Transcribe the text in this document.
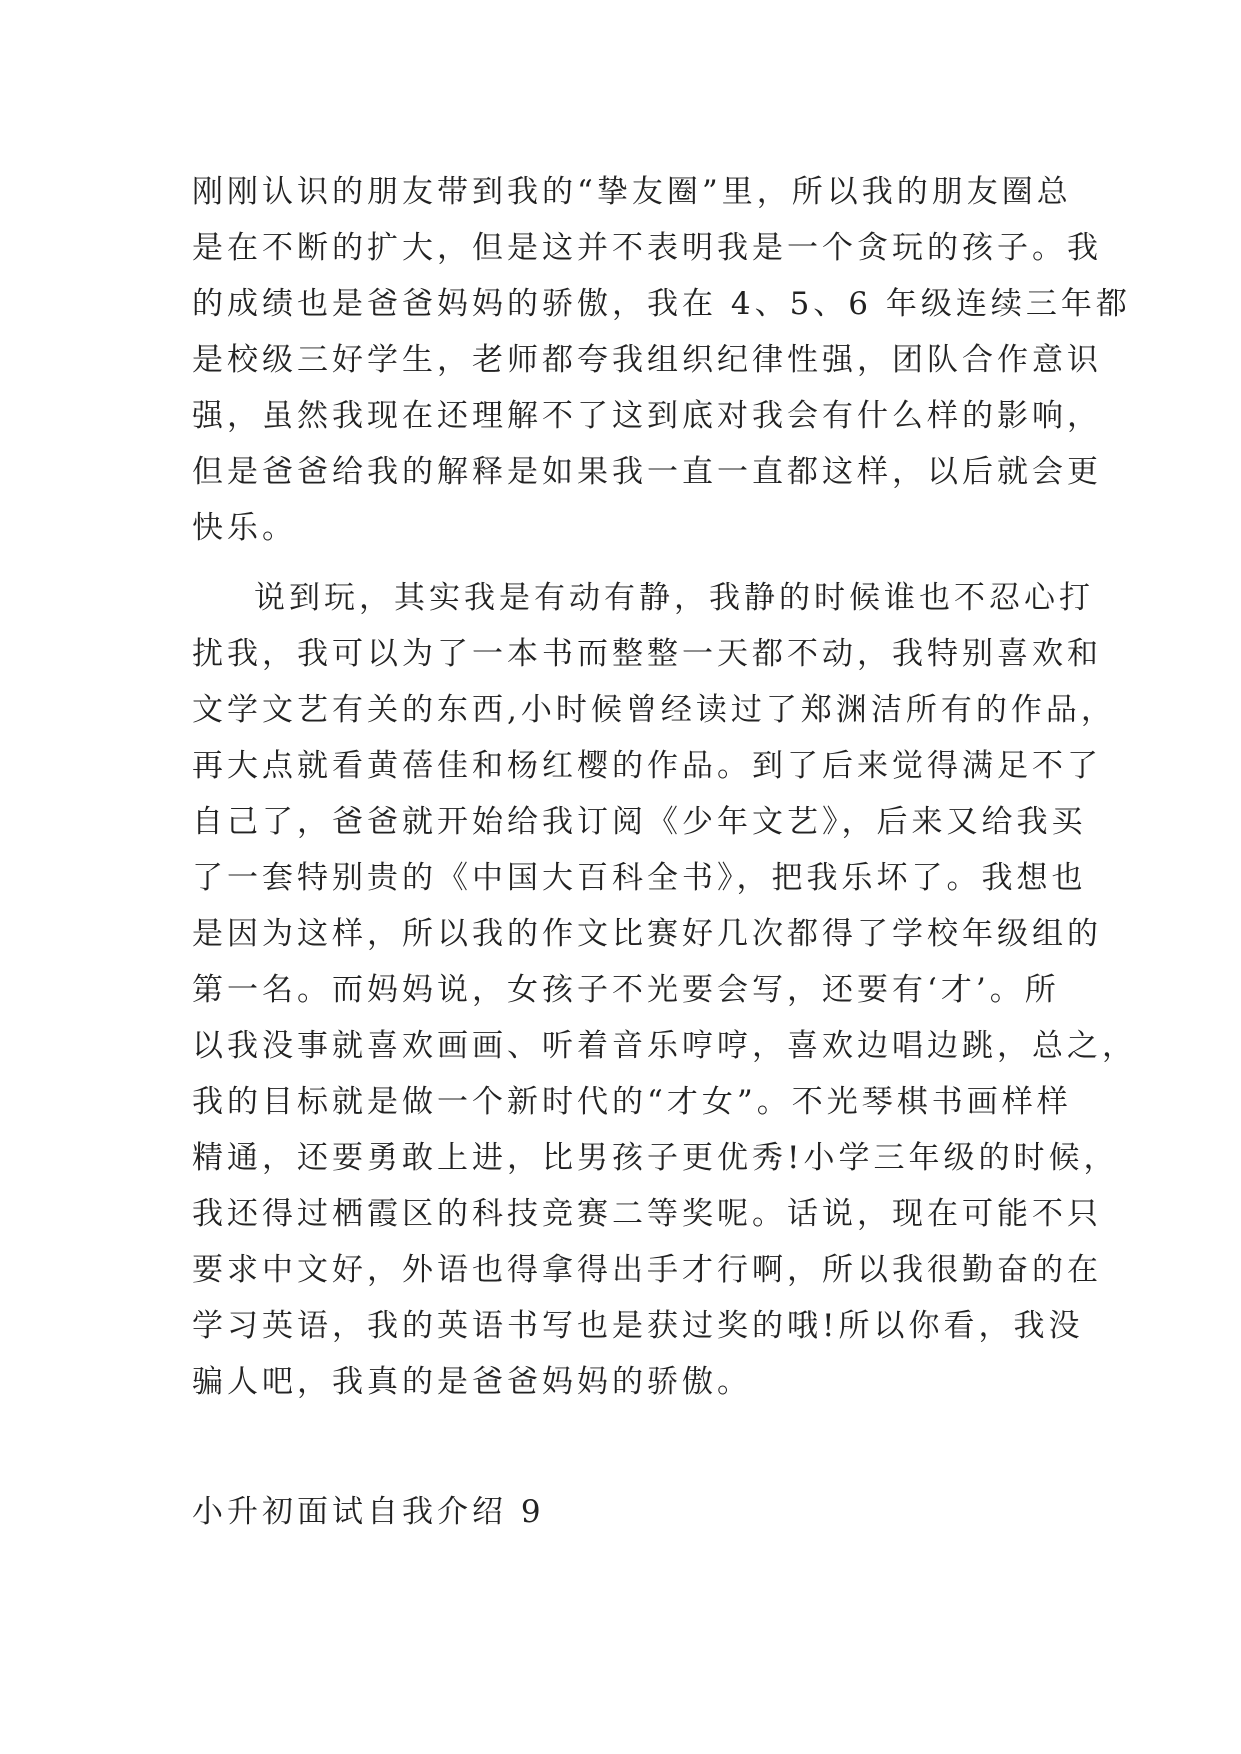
刚刚认识的朋友带到我的“挚友圈”里，所以我的朋友圈总
是在不断的扩大，但是这并不表明我是一个贪玩的孩子。我
的成绩也是爸爸妈妈的骄傲，我在 4、5、6 年级连续三年都
是校级三好学生，老师都夸我组织纪律性强，团队合作意识
强，虽然我现在还理解不了这到底对我会有什么样的影响，
但是爸爸给我的解释是如果我一直一直都这样，以后就会更
快乐。
说到玩，其实我是有动有静，我静的时候谁也不忍心打
扰我，我可以为了一本书而整整一天都不动，我特别喜欢和
文学文艺有关的东西,小时候曾经读过了郑渊洁所有的作品，
再大点就看黄蓓佳和杨红樱的作品。到了后来觉得满足不了
自己了，爸爸就开始给我订阅《少年文艺》，后来又给我买
了一套特别贵的《中国大百科全书》，把我乐坏了。我想也
是因为这样，所以我的作文比赛好几次都得了学校年级组的
第一名。而妈妈说，女孩子不光要会写，还要有‘才’。所
以我没事就喜欢画画、听着音乐哼哼，喜欢边唱边跳，总之，
我的目标就是做一个新时代的“才女”。不光琴棋书画样样
精通，还要勇敢上进，比男孩子更优秀!小学三年级的时候，
我还得过栖霞区的科技竞赛二等奖呢。话说，现在可能不只
要求中文好，外语也得拿得出手才行啊，所以我很勤奋的在
学习英语，我的英语书写也是获过奖的哦!所以你看，我没
骗人吧，我真的是爸爸妈妈的骄傲。
小升初面试自我介绍 9
